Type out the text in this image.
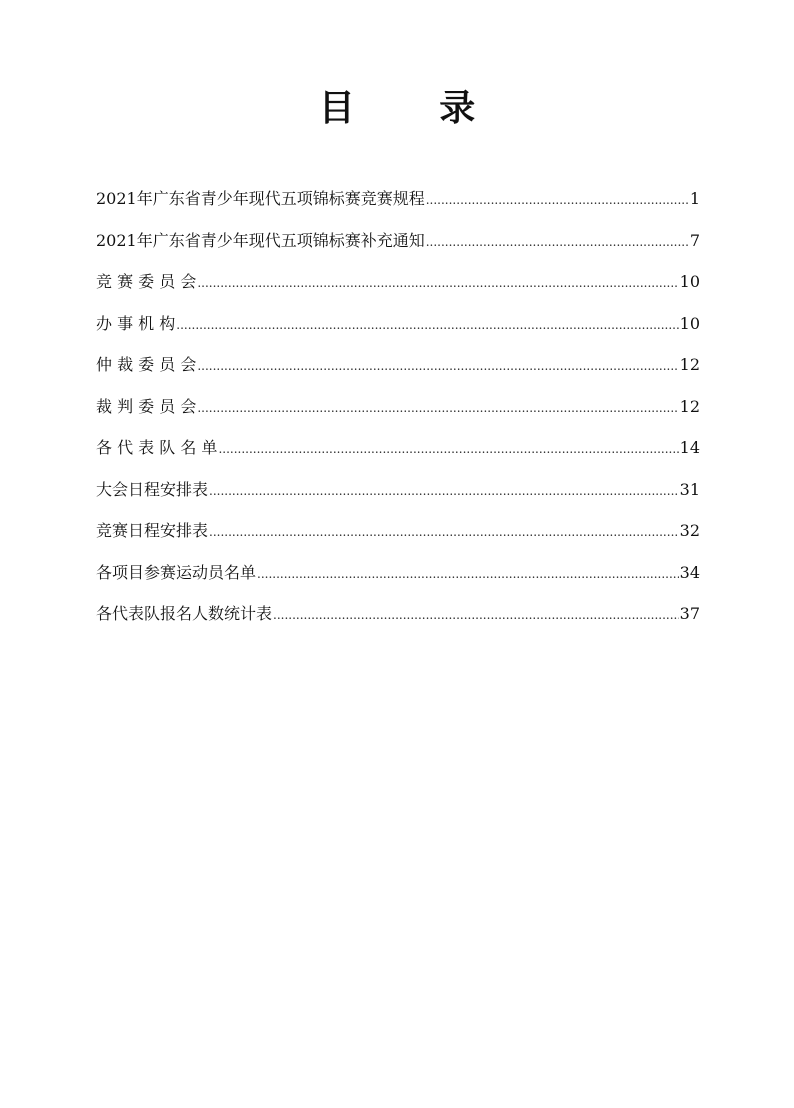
目 录
2021年广东省青少年现代五项锦标赛竞赛规程 .....	1
2021年广东省青少年现代五项锦标赛补充通知 .....	7
竞 赛 委 员 会 .....	10
办 事 机 构 .....	10
仲 裁 委 员 会 .....	12
裁 判 委 员 会 .....	12
各 代 表 队 名 单 .....	14
大会日程安排表 .....	31
竞赛日程安排表 .....	32
各项目参赛运动员名单 .....	34
各代表队报名人数统计表 .....	37
